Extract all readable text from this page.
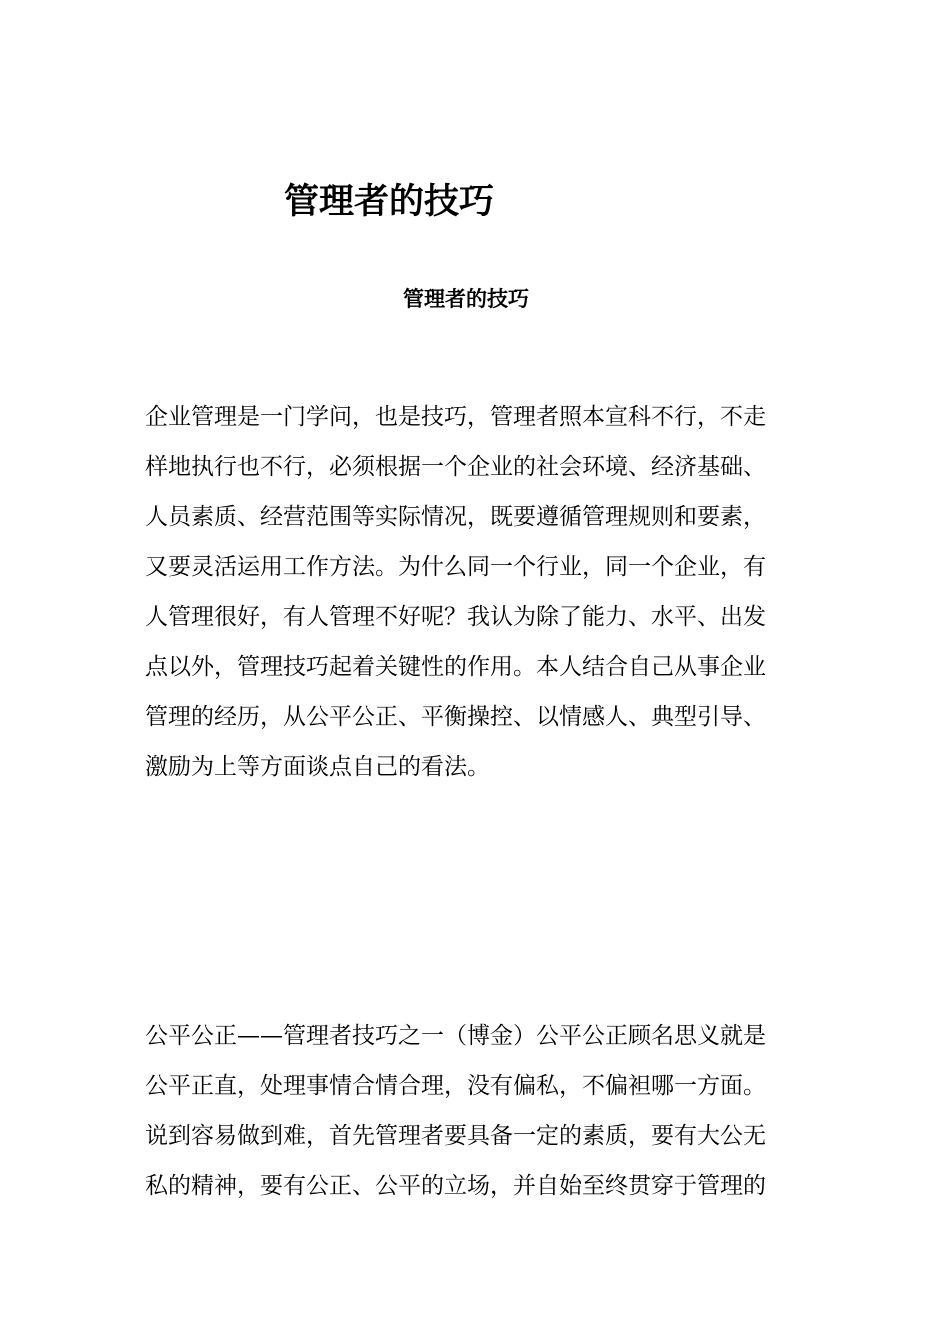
管理者的技巧
管理者的技巧
企业管理是一门学问，也是技巧，管理者照本宣科不行，不走
样地执行也不行，必须根据一个企业的社会环境、经济基础、
人员素质、经营范围等实际情况，既要遵循管理规则和要素，
又要灵活运用工作方法。为什么同一个行业，同一个企业，有
人管理很好，有人管理不好呢？我认为除了能力、水平、出发
点以外，管理技巧起着关键性的作用。本人结合自己从事企业
管理的经历，从公平公正、平衡操控、以情感人、典型引导、
激励为上等方面谈点自己的看法。
公平公正——管理者技巧之一（博金）公平公正顾名思义就是
公平正直，处理事情合情合理，没有偏私，不偏袒哪一方面。
说到容易做到难，首先管理者要具备一定的素质，要有大公无
私的精神，要有公正、公平的立场，并自始至终贯穿于管理的
